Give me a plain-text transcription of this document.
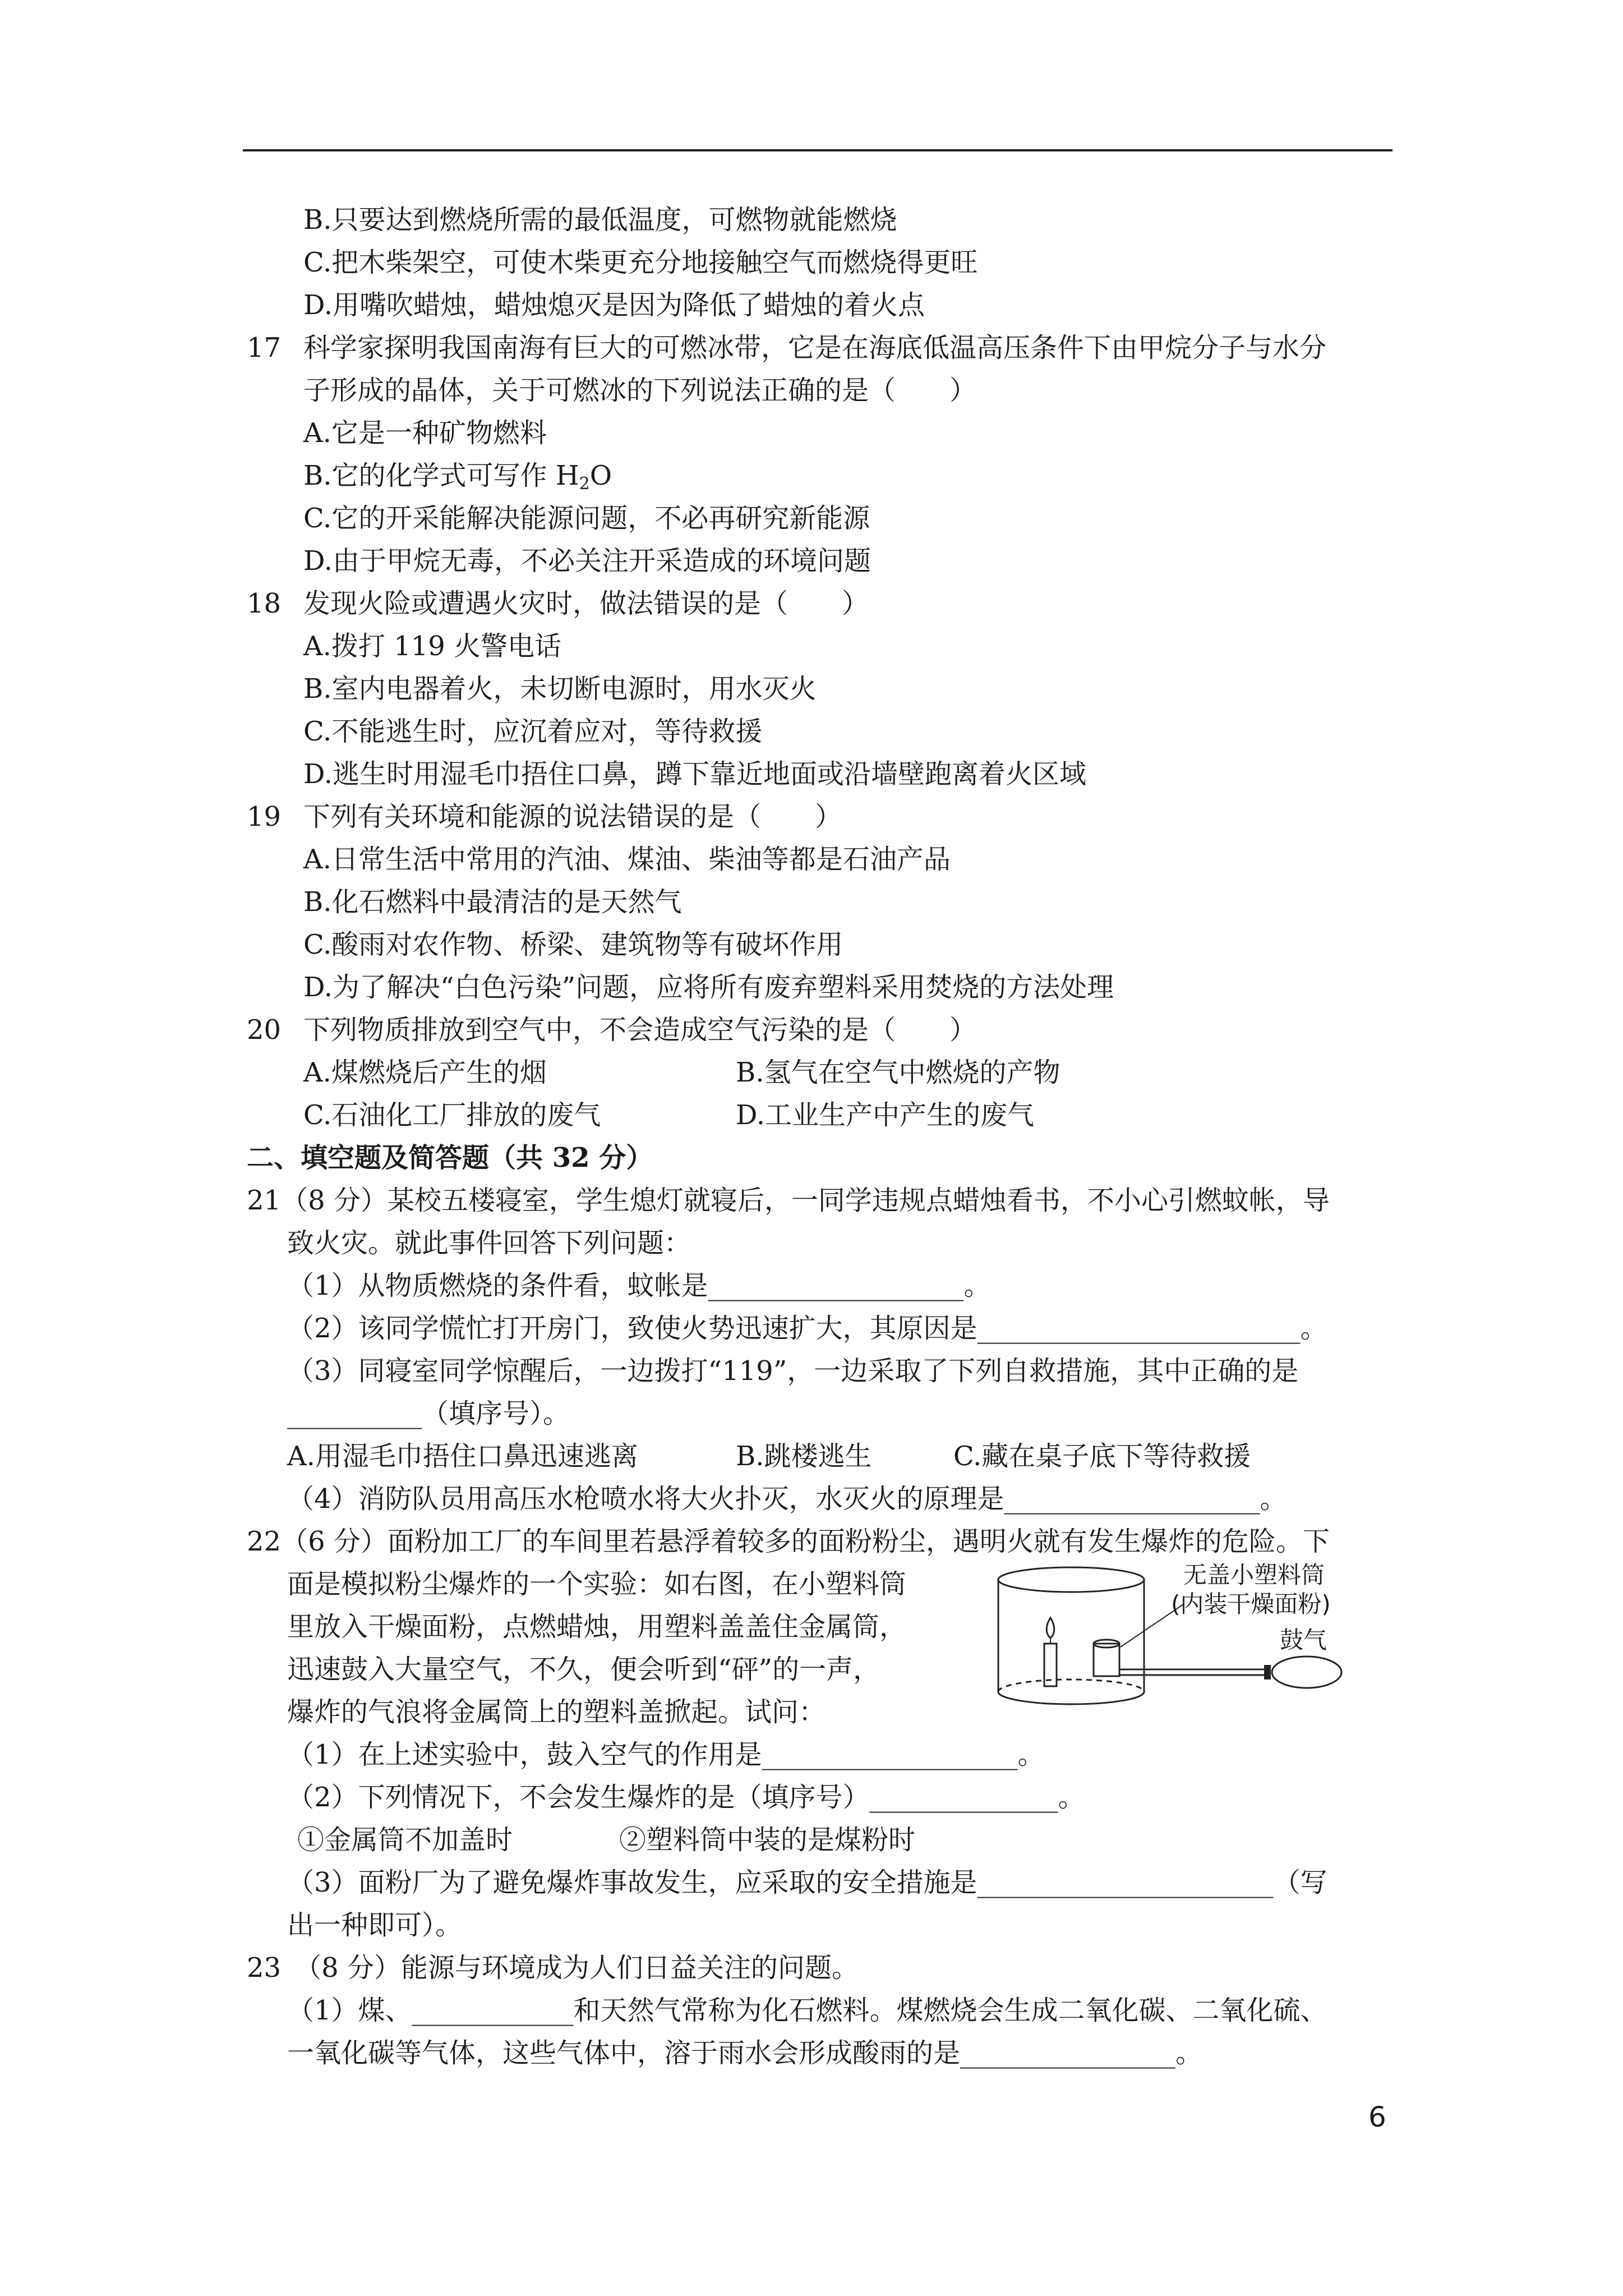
B.只要达到燃烧所需的最低温度，可燃物就能燃烧
C.把木柴架空，可使木柴更充分地接触空气而燃烧得更旺
D.用嘴吹蜡烛，蜡烛熄灭是因为降低了蜡烛的着火点
17 科学家探明我国南海有巨大的可燃冰带，它是在海底低温高压条件下由甲烷分子与水分
子形成的晶体，关于可燃冰的下列说法正确的是（　　）
A.它是一种矿物燃料
B.它的化学式可写作 $H_2O$
C.它的开采能解决能源问题，不必再研究新能源
D.由于甲烷无毒，不必关注开采造成的环境问题
18 发现火险或遭遇火灾时，做法错误的是（　　）
A.拨打 119 火警电话
B.室内电器着火，未切断电源时，用水灭火
C.不能逃生时，应沉着应对，等待救援
D.逃生时用湿毛巾捂住口鼻，蹲下靠近地面或沿墙壁跑离着火区域
19 下列有关环境和能源的说法错误的是（　　）
A.日常生活中常用的汽油、煤油、柴油等都是石油产品
B.化石燃料中最清洁的是天然气
C.酸雨对农作物、桥梁、建筑物等有破坏作用
D.为了解决“白色污染”问题，应将所有废弃塑料采用焚烧的方法处理
20 下列物质排放到空气中，不会造成空气污染的是（　　）
A.煤燃烧后产生的烟	B.氢气在空气中燃烧的产物
C.石油化工厂排放的废气	D.工业生产中产生的废气
二、填空题及简答题（共 32 分）
21（8 分）某校五楼寝室，学生熄灯就寝后，一同学违规点蜡烛看书，不小心引燃蚊帐，导
致火灾。就此事件回答下列问题：
（1）从物质燃烧的条件看，蚊帐是___________________。
（2）该同学慌忙打开房门，致使火势迅速扩大，其原因是________________________。
（3）同寝室同学惊醒后，一边拨打“119”，一边采取了下列自救措施，其中正确的是
__________（填序号）。
A.用湿毛巾捂住口鼻迅速逃离	B.跳楼逃生	C.藏在桌子底下等待救援
（4）消防队员用高压水枪喷水将大火扑灭，水灭火的原理是___________________。
22（6 分）面粉加工厂的车间里若悬浮着较多的面粉粉尘，遇明火就有发生爆炸的危险。下
面是模拟粉尘爆炸的一个实验：如右图，在小塑料筒
里放入干燥面粉，点燃蜡烛，用塑料盖盖住金属筒，
迅速鼓入大量空气，不久，便会听到“砰”的一声，
爆炸的气浪将金属筒上的塑料盖掀起。试问：
无盖小塑料筒
(内装干燥面粉)
鼓气
（1）在上述实验中，鼓入空气的作用是___________________。
（2）下列情况下，不会发生爆炸的是（填序号）______________。
①金属筒不加盖时	②塑料筒中装的是煤粉时
（3）面粉厂为了避免爆炸事故发生，应采取的安全措施是______________________（写
出一种即可）。
23　（8 分）能源与环境成为人们日益关注的问题。
（1）煤、____________和天然气常称为化石燃料。煤燃烧会生成二氧化碳、二氧化硫、
一氧化碳等气体，这些气体中，溶于雨水会形成酸雨的是________________。
6
